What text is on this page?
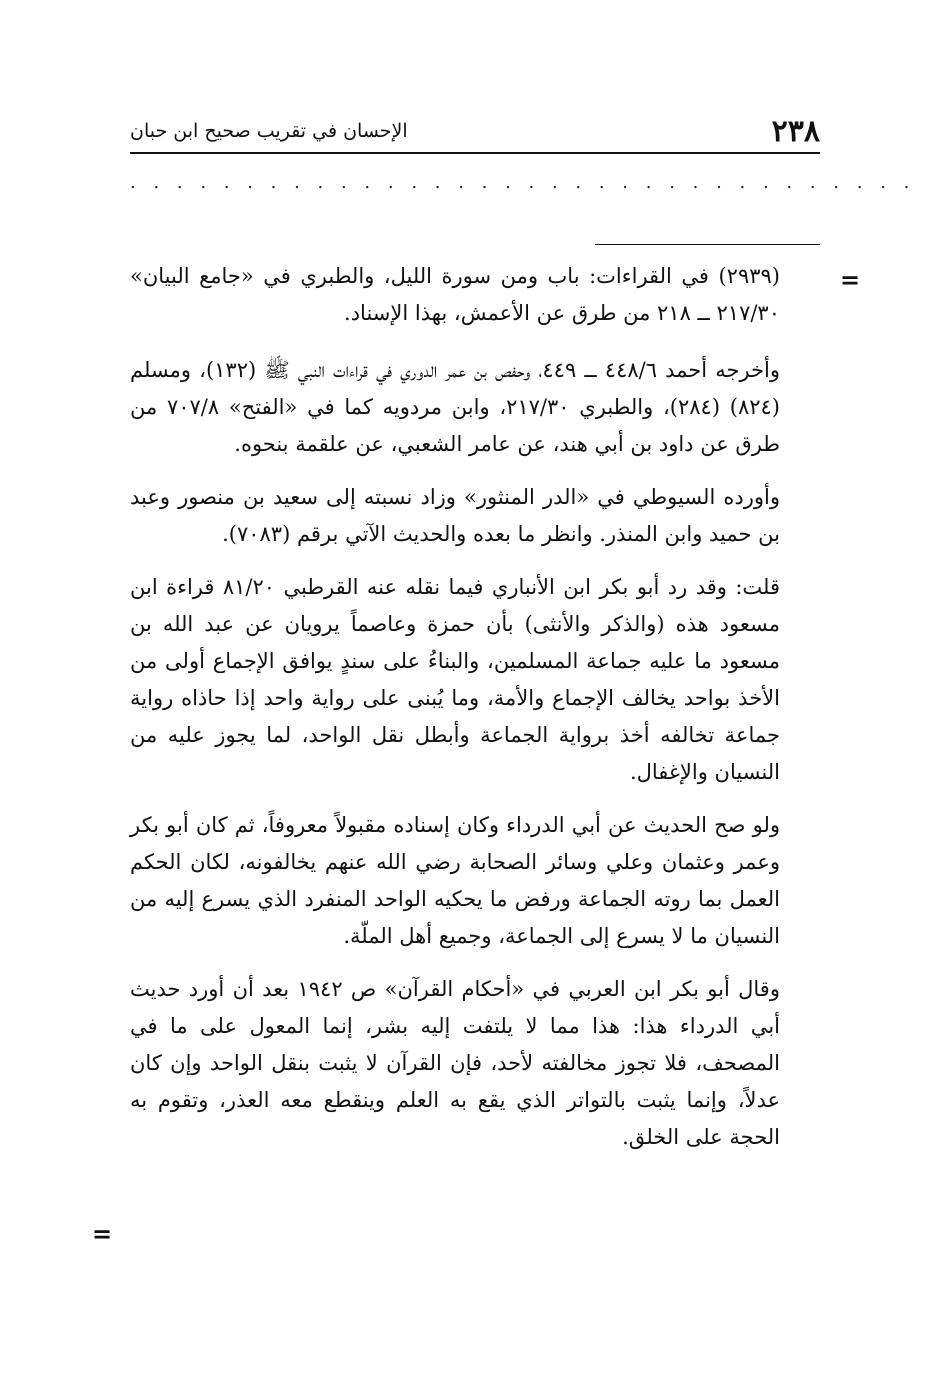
٢٣٨
الإحسان في تقريب صحيح ابن حبان
. . . . . . . . . . . . . . . . . . . . . . . . . . . . . . . . . .
=
=

(٢٩٣٩) في القراءات: باب ومن سورة الليل، والطبري في «جامع البيان» ٢١٧/٣٠ ــ ٢١٨ من طرق عن الأعمش، بهذا الإسناد.

وأخرجه أحمد ٤٤٨/٦ ــ ٤٤٩، وحفص بن عمر الدوري في قراءات النبي ﷺ (١٣٢)، ومسلم (٨٢٤) (٢٨٤)، والطبري ٢١٧/٣٠، وابن مردويه كما في «الفتح» ٧٠٧/٨ من طرق عن داود بن أبي هند، عن عامر الشعبي، عن علقمة بنحوه.

وأورده السيوطي في «الدر المنثور» وزاد نسبته إلى سعيد بن منصور وعبد بن حميد وابن المنذر. وانظر ما بعده والحديث الآتي برقم (٧٠٨٣).

قلت: وقد رد أبو بكر ابن الأنباري فيما نقله عنه القرطبي ٨١/٢٠ قراءة ابن مسعود هذه (والذكر والأنثى) بأن حمزة وعاصماً يرويان عن عبد الله بن مسعود ما عليه جماعة المسلمين، والبناءُ على سندٍ يوافق الإجماع أولى من الأخذ بواحد يخالف الإجماع والأمة، وما يُبنى على رواية واحد إذا حاذاه رواية جماعة تخالفه أخذ برواية الجماعة وأبطل نقل الواحد، لما يجوز عليه من النسيان والإغفال.

ولو صح الحديث عن أبي الدرداء وكان إسناده مقبولاً معروفاً، ثم كان أبو بكر وعمر وعثمان وعلي وسائر الصحابة رضي الله عنهم يخالفونه، لكان الحكم العمل بما روته الجماعة ورفض ما يحكيه الواحد المنفرد الذي يسرع إليه من النسيان ما لا يسرع إلى الجماعة، وجميع أهل الملّة.

وقال أبو بكر ابن العربي في «أحكام القرآن» ص ١٩٤٢ بعد أن أورد حديث أبي الدرداء هذا: هذا مما لا يلتفت إليه بشر، إنما المعول على ما في المصحف، فلا تجوز مخالفته لأحد، فإن القرآن لا يثبت بنقل الواحد وإن كان عدلاً، وإنما يثبت بالتواتر الذي يقع به العلم وينقطع معه العذر، وتقوم به الحجة على الخلق.
